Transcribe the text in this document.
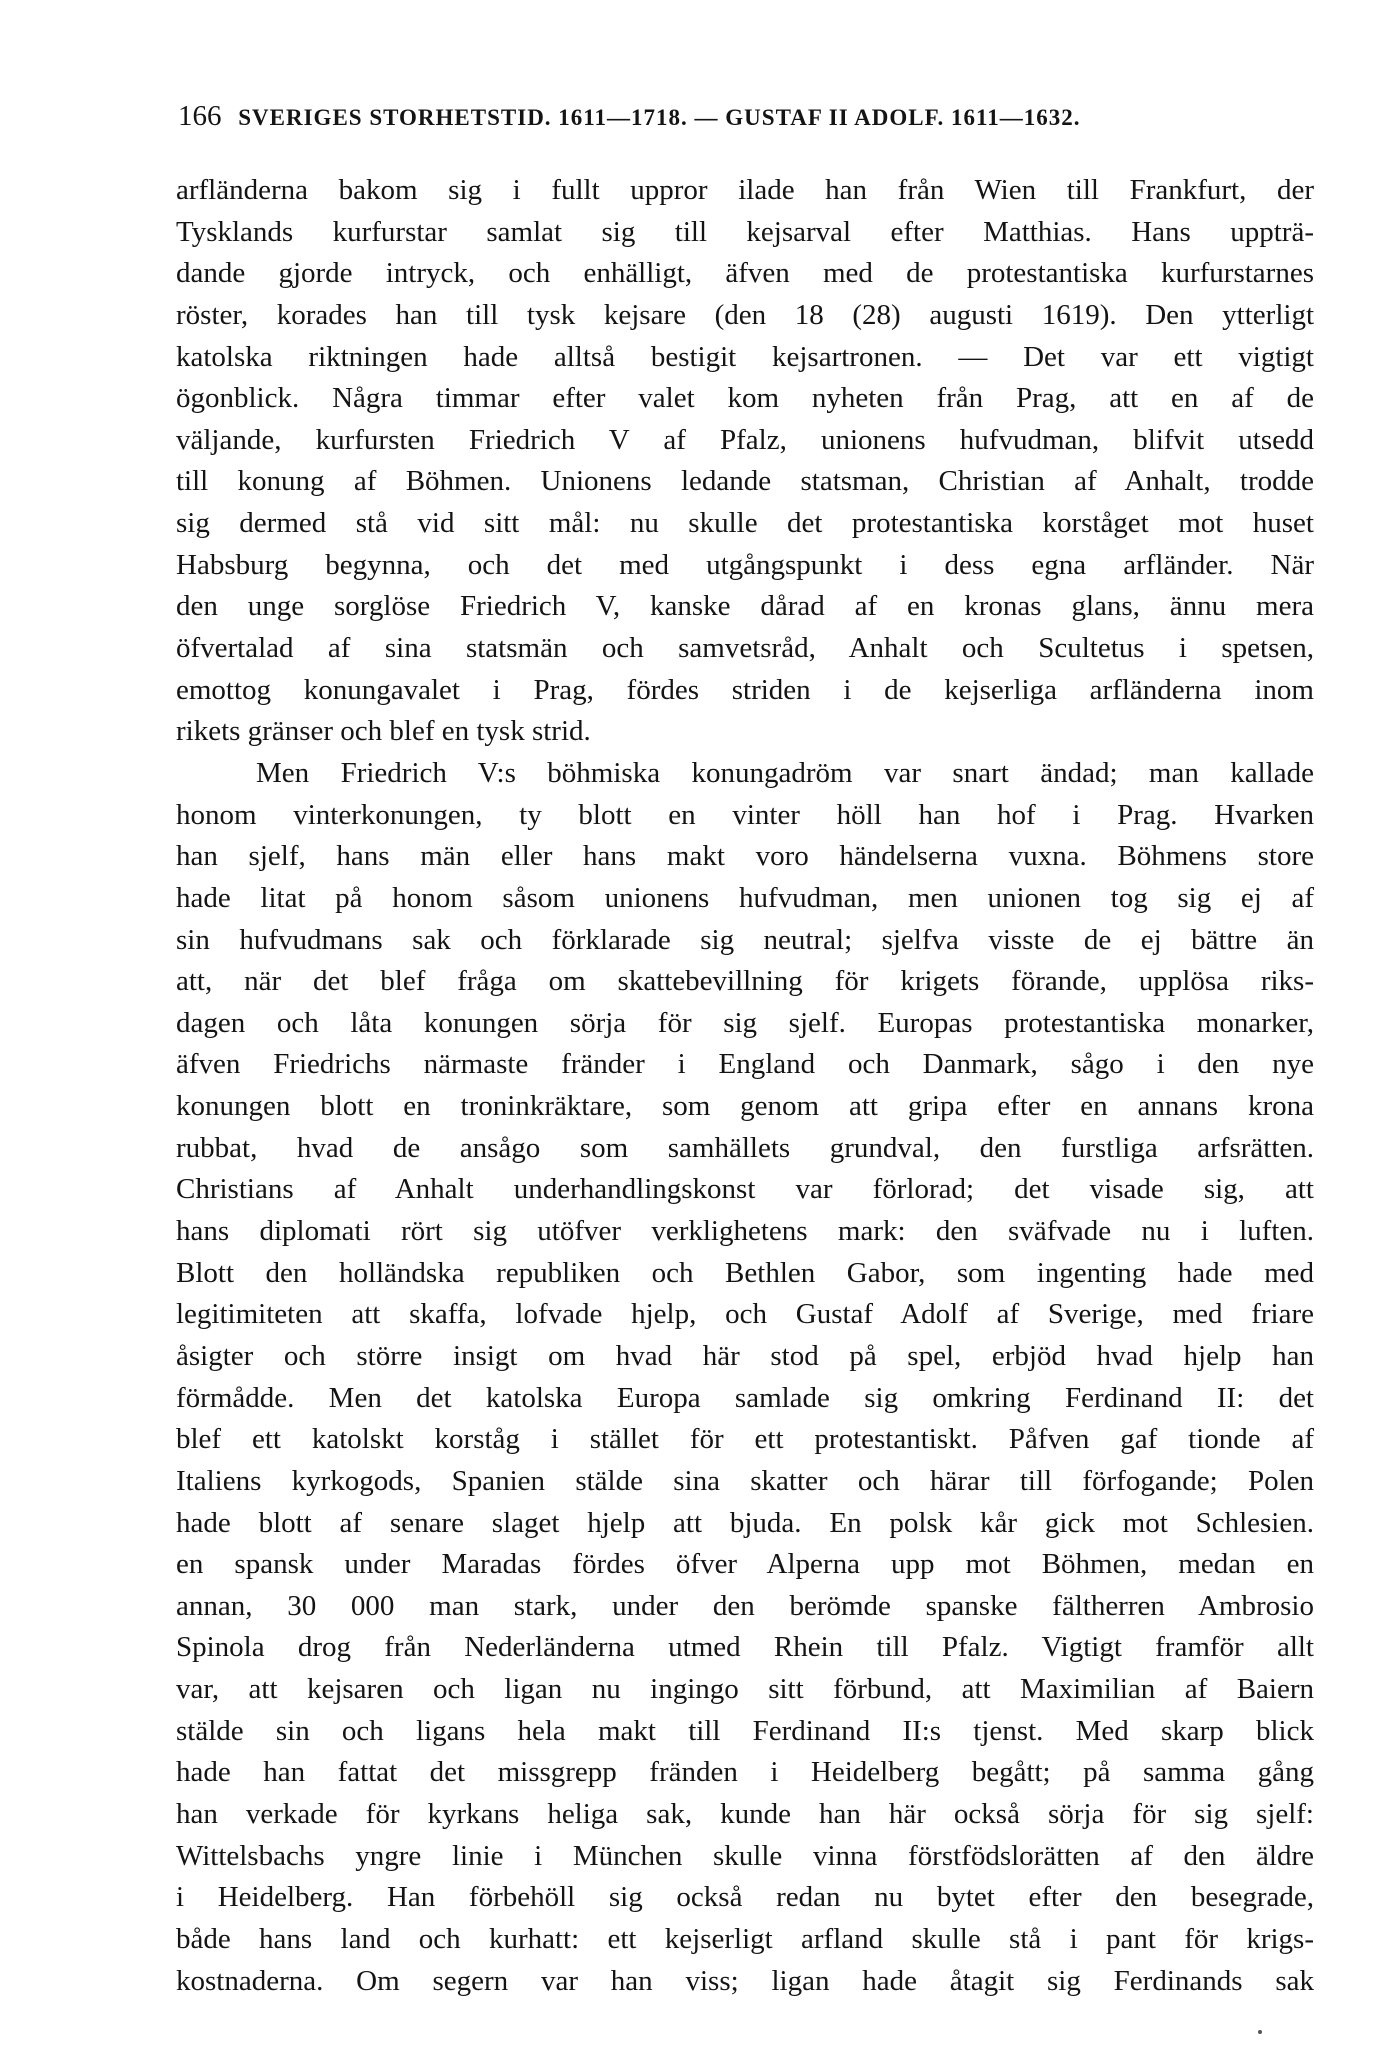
166 SVERIGES STORHETSTID. 1611—1718. — GUSTAF II ADOLF. 1611—1632.
arfländerna bakom sig i fullt uppror ilade han från Wien till Frankfurt, der
Tysklands kurfurstar samlat sig till kejsarval efter Matthias. Hans uppträ-
dande gjorde intryck, och enhälligt, äfven med de protestantiska kurfurstarnes
röster, korades han till tysk kejsare (den 18 (28) augusti 1619). Den ytterligt
katolska riktningen hade alltså bestigit kejsartronen. — Det var ett vigtigt
ögonblick. Några timmar efter valet kom nyheten från Prag, att en af de
väljande, kurfursten Friedrich V af Pfalz, unionens hufvudman, blifvit utsedd
till konung af Böhmen. Unionens ledande statsman, Christian af Anhalt, trodde
sig dermed stå vid sitt mål: nu skulle det protestantiska korståget mot huset
Habsburg begynna, och det med utgångspunkt i dess egna arfländer. När
den unge sorglöse Friedrich V, kanske dårad af en kronas glans, ännu mera
öfvertalad af sina statsmän och samvetsråd, Anhalt och Scultetus i spetsen,
emottog konungavalet i Prag, fördes striden i de kejserliga arfländerna inom
rikets gränser och blef en tysk strid.
Men Friedrich V:s böhmiska konungadröm var snart ändad; man kallade
honom vinterkonungen, ty blott en vinter höll han hof i Prag. Hvarken
han sjelf, hans män eller hans makt voro händelserna vuxna. Böhmens store
hade litat på honom såsom unionens hufvudman, men unionen tog sig ej af
sin hufvudmans sak och förklarade sig neutral; sjelfva visste de ej bättre än
att, när det blef fråga om skattebevillning för krigets förande, upplösa riks-
dagen och låta konungen sörja för sig sjelf. Europas protestantiska monarker,
äfven Friedrichs närmaste fränder i England och Danmark, sågo i den nye
konungen blott en troninkräktare, som genom att gripa efter en annans krona
rubbat, hvad de ansågo som samhällets grundval, den furstliga arfsrätten.
Christians af Anhalt underhandlingskonst var förlorad; det visade sig, att
hans diplomati rört sig utöfver verklighetens mark: den sväfvade nu i luften.
Blott den holländska republiken och Bethlen Gabor, som ingenting hade med
legitimiteten att skaffa, lofvade hjelp, och Gustaf Adolf af Sverige, med friare
åsigter och större insigt om hvad här stod på spel, erbjöd hvad hjelp han
förmådde. Men det katolska Europa samlade sig omkring Ferdinand II: det
blef ett katolskt korståg i stället för ett protestantiskt. Påfven gaf tionde af
Italiens kyrkogods, Spanien stälde sina skatter och härar till förfogande; Polen
hade blott af senare slaget hjelp att bjuda. En polsk kår gick mot Schlesien.
en spansk under Maradas fördes öfver Alperna upp mot Böhmen, medan en
annan, 30 000 man stark, under den berömde spanske fältherren Ambrosio
Spinola drog från Nederländerna utmed Rhein till Pfalz. Vigtigt framför allt
var, att kejsaren och ligan nu ingingo sitt förbund, att Maximilian af Baiern
stälde sin och ligans hela makt till Ferdinand II:s tjenst. Med skarp blick
hade han fattat det missgrepp fränden i Heidelberg begått; på samma gång
han verkade för kyrkans heliga sak, kunde han här också sörja för sig sjelf:
Wittelsbachs yngre linie i München skulle vinna förstfödslorätten af den äldre
i Heidelberg. Han förbehöll sig också redan nu bytet efter den besegrade,
både hans land och kurhatt: ett kejserligt arfland skulle stå i pant för krigs-
kostnaderna. Om segern var han viss; ligan hade åtagit sig Ferdinands sak
